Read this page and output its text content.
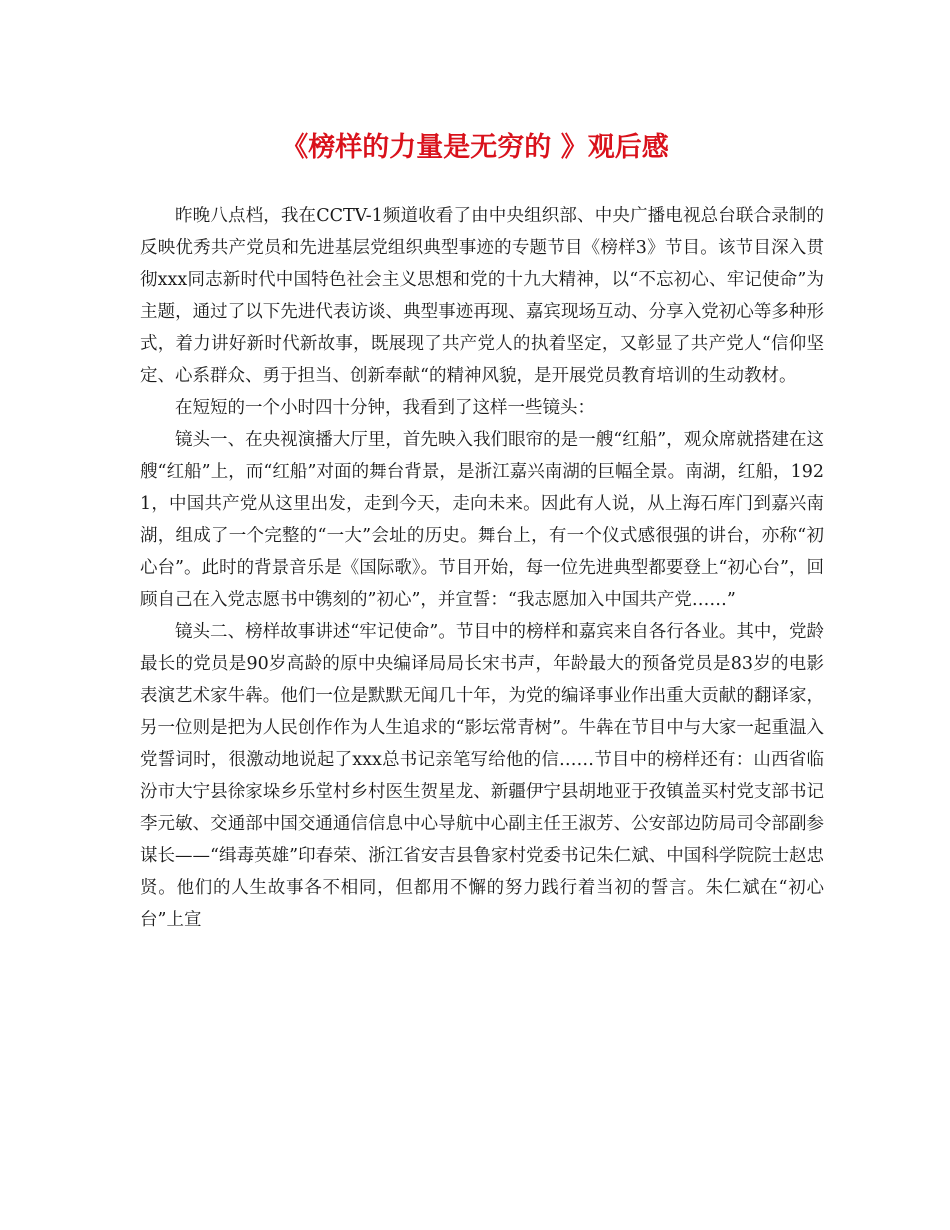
《榜样的力量是无穷的 》观后感

昨晚八点档，我在CCTV-1频道收看了由中央组织部、中央广播电视总台联合录制的反映优秀共产党员和先进基层党组织典型事迹的专题节目《榜样3》节目。该节目深入贯彻xxx同志新时代中国特色社会主义思想和党的十九大精神，以“不忘初心、牢记使命”为主题，通过了以下先进代表访谈、典型事迹再现、嘉宾现场互动、分享入党初心等多种形式，着力讲好新时代新故事，既展现了共产党人的执着坚定，又彰显了共产党人“信仰坚定、心系群众、勇于担当、创新奉献“的精神风貌，是开展党员教育培训的生动教材。

在短短的一个小时四十分钟，我看到了这样一些镜头：

镜头一、在央视演播大厅里，首先映入我们眼帘的是一艘“红船”，观众席就搭建在这艘“红船”上，而“红船”对面的舞台背景，是浙江嘉兴南湖的巨幅全景。南湖，红船，1921，中国共产党从这里出发，走到今天，走向未来。因此有人说，从上海石库门到嘉兴南湖，组成了一个完整的“一大”会址的历史。舞台上，有一个仪式感很强的讲台，亦称“初心台”。此时的背景音乐是《国际歌》。节目开始，每一位先进典型都要登上“初心台”，回顾自己在入党志愿书中镌刻的”初心”，并宣誓：“我志愿加入中国共产党……”

镜头二、榜样故事讲述“牢记使命”。节目中的榜样和嘉宾来自各行各业。其中，党龄最长的党员是90岁高龄的原中央编译局局长宋书声，年龄最大的预备党员是83岁的电影表演艺术家牛犇。他们一位是默默无闻几十年，为党的编译事业作出重大贡献的翻译家，另一位则是把为人民创作作为人生追求的“影坛常青树”。牛犇在节目中与大家一起重温入党誓词时，很激动地说起了xxx总书记亲笔写给他的信……节目中的榜样还有：山西省临汾市大宁县徐家垛乡乐堂村乡村医生贺星龙、新疆伊宁县胡地亚于孜镇盖买村党支部书记李元敏、交通部中国交通通信信息中心导航中心副主任王淑芳、公安部边防局司令部副参谋长——“缉毒英雄”印春荣、浙江省安吉县鲁家村党委书记朱仁斌、中国科学院院士赵忠贤。他们的人生故事各不相同，但都用不懈的努力践行着当初的誓言。朱仁斌在“初心台”上宣
